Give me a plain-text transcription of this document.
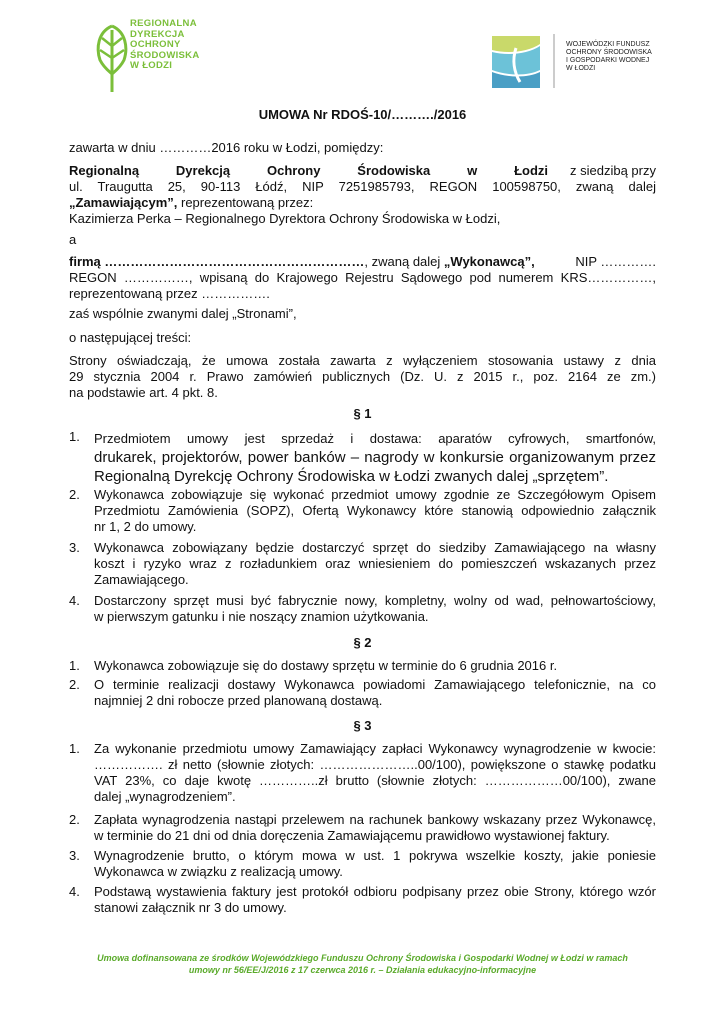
REGIONALNA
DYREKCJA
OCHRONY
ŚRODOWISKA
W ŁODZI
WOJEWÓDZKI FUNDUSZ
OCHRONY ŚRODOWISKA
I GOSPODARKI WODNEJ
W ŁODZI
UMOWA Nr RDOŚ-10/………./2016
zawarta w dniu …………2016 roku w Łodzi, pomiędzy:
Regionalną Dyrekcją Ochrony Środowiska w Łodzi z siedzibą przy
ul. Traugutta 25, 90-113 Łódź, NIP 7251985793, REGON 100598750, zwaną dalej
„Zamawiającym”, reprezentowaną przez:
Kazimierza Perka – Regionalnego Dyrektora Ochrony Środowiska w Łodzi,
a
firmą ……………………………………………………, zwaną dalej „Wykonawcą”,	NIP ………….
REGON ……………, wpisaną do Krajowego Rejestru Sądowego pod numerem KRS……………,
reprezentowaną przez …………….
zaś wspólnie zwanymi dalej „Stronami”,
o następującej treści:
Strony oświadczają, że umowa została zawarta z wyłączeniem stosowania ustawy z dnia
29 stycznia 2004 r. Prawo zamówień publicznych (Dz. U. z 2015 r., poz. 2164 ze zm.)
na podstawie art. 4 pkt. 8.
§ 1
1. Przedmiotem umowy jest sprzedaż i dostawa: aparatów cyfrowych, smartfonów,
drukarek, projektorów, power banków – nagrody w konkursie organizowanym przez
Regionalną Dyrekcję Ochrony Środowiska w Łodzi zwanych dalej „sprzętem”.
2. Wykonawca zobowiązuje się wykonać przedmiot umowy zgodnie ze Szczegółowym Opisem
Przedmiotu Zamówienia (SOPZ), Ofertą Wykonawcy które stanowią odpowiednio załącznik
nr 1, 2 do umowy.
3. Wykonawca zobowiązany będzie dostarczyć sprzęt do siedziby Zamawiającego na własny
koszt i ryzyko wraz z rozładunkiem oraz wniesieniem do pomieszczeń wskazanych przez
Zamawiającego.
4. Dostarczony sprzęt musi być fabrycznie nowy, kompletny, wolny od wad, pełnowartościowy,
w pierwszym gatunku i nie noszący znamion użytkowania.
§ 2
1. Wykonawca zobowiązuje się do dostawy sprzętu w terminie do 6 grudnia 2016 r.
2. O terminie realizacji dostawy Wykonawca powiadomi Zamawiającego telefonicznie, na co
najmniej 2 dni robocze przed planowaną dostawą.
§ 3
1. Za wykonanie przedmiotu umowy Zamawiający zapłaci Wykonawcy wynagrodzenie w kwocie:
……………. zł netto (słownie złotych: …………………..00/100), powiększone o stawkę podatku
VAT 23%, co daje kwotę …………..zł brutto (słownie złotych: ………………00/100), zwane
dalej „wynagrodzeniem”.
2. Zapłata wynagrodzenia nastąpi przelewem na rachunek bankowy wskazany przez Wykonawcę,
w terminie do 21 dni od dnia doręczenia Zamawiającemu prawidłowo wystawionej faktury.
3. Wynagrodzenie brutto, o którym mowa w ust. 1 pokrywa wszelkie koszty, jakie poniesie
Wykonawca w związku z realizacją umowy.
4. Podstawą wystawienia faktury jest protokół odbioru podpisany przez obie Strony, którego wzór
stanowi załącznik nr 3 do umowy.
Umowa dofinansowana ze środków Wojewódzkiego Funduszu Ochrony Środowiska i Gospodarki Wodnej w Łodzi w ramach
umowy nr 56/EE/J/2016 z 17 czerwca 2016 r. – Działania edukacyjno-informacyjne
